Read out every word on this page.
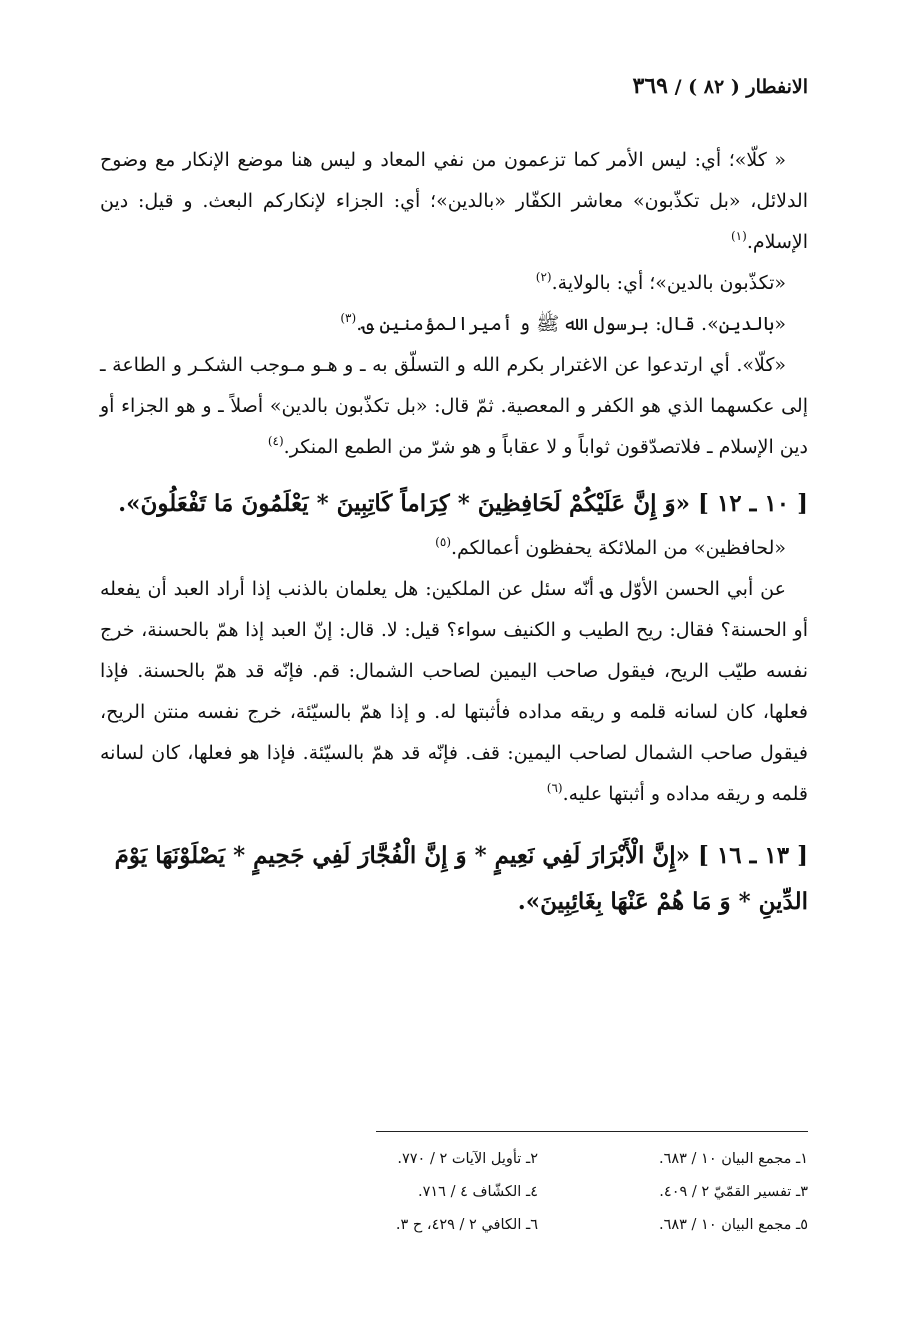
الانفطار ( ٨٢ ) / ٣٦٩

« كلّا»؛ أي: ليس الأمر كما تزعمون من نفي المعاد و ليس هنا موضع الإنكار مع وضوح الدلائل، «بل تكذّبون» معاشر الكفّار «بالدين»؛ أي: الجزاء لإنكاركم البعث. و قيل: دين الإسلام.$^{(١)}$

«تكذّبون بالدين»؛ أي: بالولاية.$^{(٢)}$

«بالدين». قال: برسول الله ﷺ و أميرالمؤمنين ؈.$^{(٣)}$

«كلّا». أي ارتدعوا عن الاغترار بكرم الله و التسلّق به ـ و هـو مـوجب الشكـر و الطاعة ـ إلى عكسهما الذي هو الكفر و المعصية. ثمّ قال: «بل تكذّبون بالدين» أصلاً ـ و هو الجزاء أو دين الإسلام ـ فلاتصدّقون ثواباً و لا عقاباً و هو شرّ من الطمع المنكر.$^{(٤)}$

[ ١٠ ـ ١٢ ] «وَ إِنَّ عَلَيْكُمْ لَحَافِظِينَ * كِرَاماً كَاتِبِينَ * يَعْلَمُونَ مَا تَفْعَلُونَ».

«لحافظين» من الملائكة يحفظون أعمالكم.$^{(٥)}$

عن أبي الحسن الأوّل ؈ أنّه سئل عن الملكين: هل يعلمان بالذنب إذا أراد العبد أن يفعله أو الحسنة؟ فقال: ريح الطيب و الكنيف سواء؟ قيل: لا. قال: إنّ العبد إذا همّ بالحسنة، خرج نفسه طيّب الريح، فيقول صاحب اليمين لصاحب الشمال: قم. فإنّه قد همّ بالحسنة. فإذا فعلها، كان لسانه قلمه و ريقه مداده فأثبتها له. و إذا همّ بالسيّئة، خرج نفسه منتن الريح، فيقول صاحب الشمال لصاحب اليمين: قف. فإنّه قد همّ بالسيّئة. فإذا هو فعلها، كان لسانه قلمه و ريقه مداده و أثبتها عليه.$^{(٦)}$

[ ١٣ ـ ١٦ ] «إِنَّ الْأَبْرَارَ لَفِي نَعِيمٍ * وَ إِنَّ الْفُجَّارَ لَفِي جَحِيمٍ * يَصْلَوْنَهَا يَوْمَ الدِّينِ * وَ مَا هُمْ عَنْهَا بِغَائِبِينَ».

١ـ مجمع البيان ١٠ / ٦٨٣.
٢ـ تأويل الآيات ٢ / ٧٧٠.
٣ـ تفسير القمّيّ ٢ / ٤٠٩.
٤ـ الكشّاف ٤ / ٧١٦.
٥ـ مجمع البيان ١٠ / ٦٨٣.
٦ـ الكافي ٢ / ٤٢٩، ح ٣.
